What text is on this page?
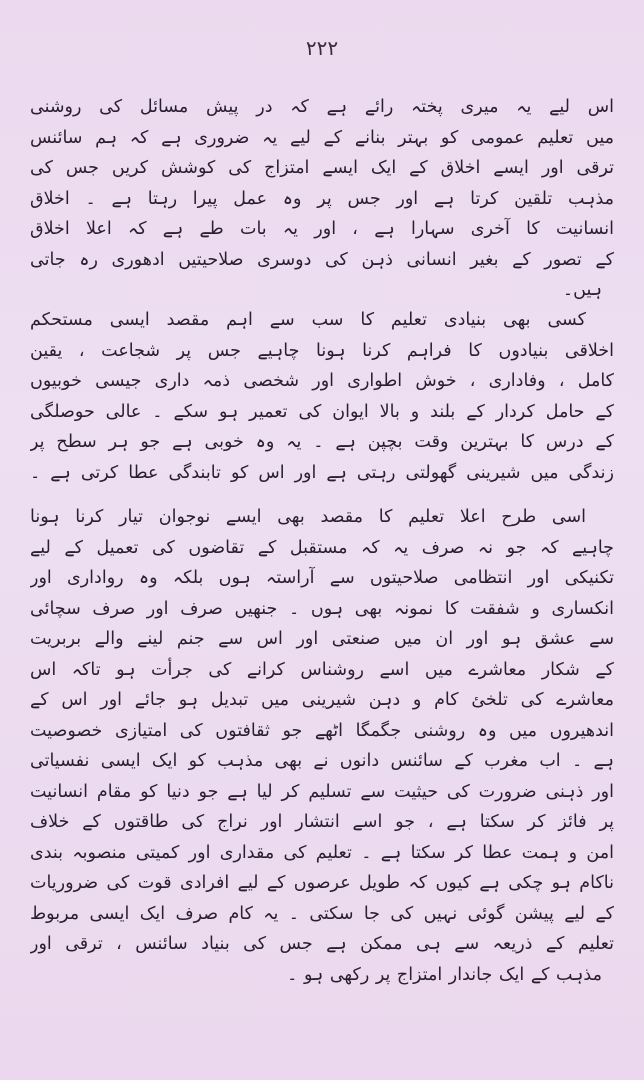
۲۲۲
اس لیے یہ میری پختہ رائے ہے کہ در پیش مسائل کی روشنی
میں تعلیم عمومی کو بہتر بنانے کے لیے یہ ضروری ہے کہ ہم سائنس
ترقی اور ایسے اخلاق کے ایک ایسے امتزاج کی کوشش کریں جس کی
مذہب تلقین کرتا ہے اور جس پر وہ عمل پیرا رہتا ہے ۔ اخلاق
انسانیت کا آخری سہارا ہے ، اور یہ بات طے ہے کہ اعلا اخلاق
کے تصور کے بغیر انسانی ذہن کی دوسری صلاحیتیں ادھوری رہ جاتی
ہیں۔
کسی بھی بنیادی تعلیم کا سب سے اہم مقصد ایسی مستحکم
اخلاقی بنیادوں کا فراہم کرنا ہونا چاہیے جس پر شجاعت ، یقین
کامل ، وفاداری ، خوش اطواری اور شخصی ذمہ داری جیسی خوبیوں
کے حامل کردار کے بلند و بالا ایوان کی تعمیر ہو سکے ۔ عالی حوصلگی
کے درس کا بہترین وقت بچپن ہے ۔ یہ وہ خوبی ہے جو ہر سطح پر
زندگی میں شیرینی گھولتی رہتی ہے اور اس کو تابندگی عطا کرتی ہے ۔
اسی طرح اعلا تعلیم کا مقصد بھی ایسے نوجوان تیار کرنا ہونا
چاہیے کہ جو نہ صرف یہ کہ مستقبل کے تقاضوں کی تعمیل کے لیے
تکنیکی اور انتظامی صلاحیتوں سے آراستہ ہوں بلکہ وہ رواداری اور
انکساری و شفقت کا نمونہ بھی ہوں ۔ جنھیں صرف اور صرف سچائی
سے عشق ہو اور ان میں صنعتی اور اس سے جنم لینے والے بربریت
کے شکار معاشرے میں اسے روشناس کرانے کی جرأت ہو تاکہ اس
معاشرے کی تلخئ کام و دہن شیرینی میں تبدیل ہو جائے اور اس کے
اندھیروں میں وہ روشنی جگمگا اٹھے جو ثقافتوں کی امتیازی خصوصیت
ہے ۔ اب مغرب کے سائنس دانوں نے بھی مذہب کو ایک ایسی نفسیاتی
اور ذہنی ضرورت کی حیثیت سے تسلیم کر لیا ہے جو دنیا کو مقام انسانیت
پر فائز کر سکتا ہے ، جو اسے انتشار اور نراج کی طاقتوں کے خلاف
امن و ہمت عطا کر سکتا ہے ۔ تعلیم کی مقداری اور کمیتی منصوبہ بندی
ناکام ہو چکی ہے کیوں کہ طویل عرصوں کے لیے افرادی قوت کی ضروریات
کے لیے پیشن گوئی نہیں کی جا سکتی ۔ یہ کام صرف ایک ایسی مربوط
تعلیم کے ذریعہ سے ہی ممکن ہے جس کی بنیاد سائنس ، ترقی اور
مذہب کے ایک جاندار امتزاج پر رکھی ہو ۔
